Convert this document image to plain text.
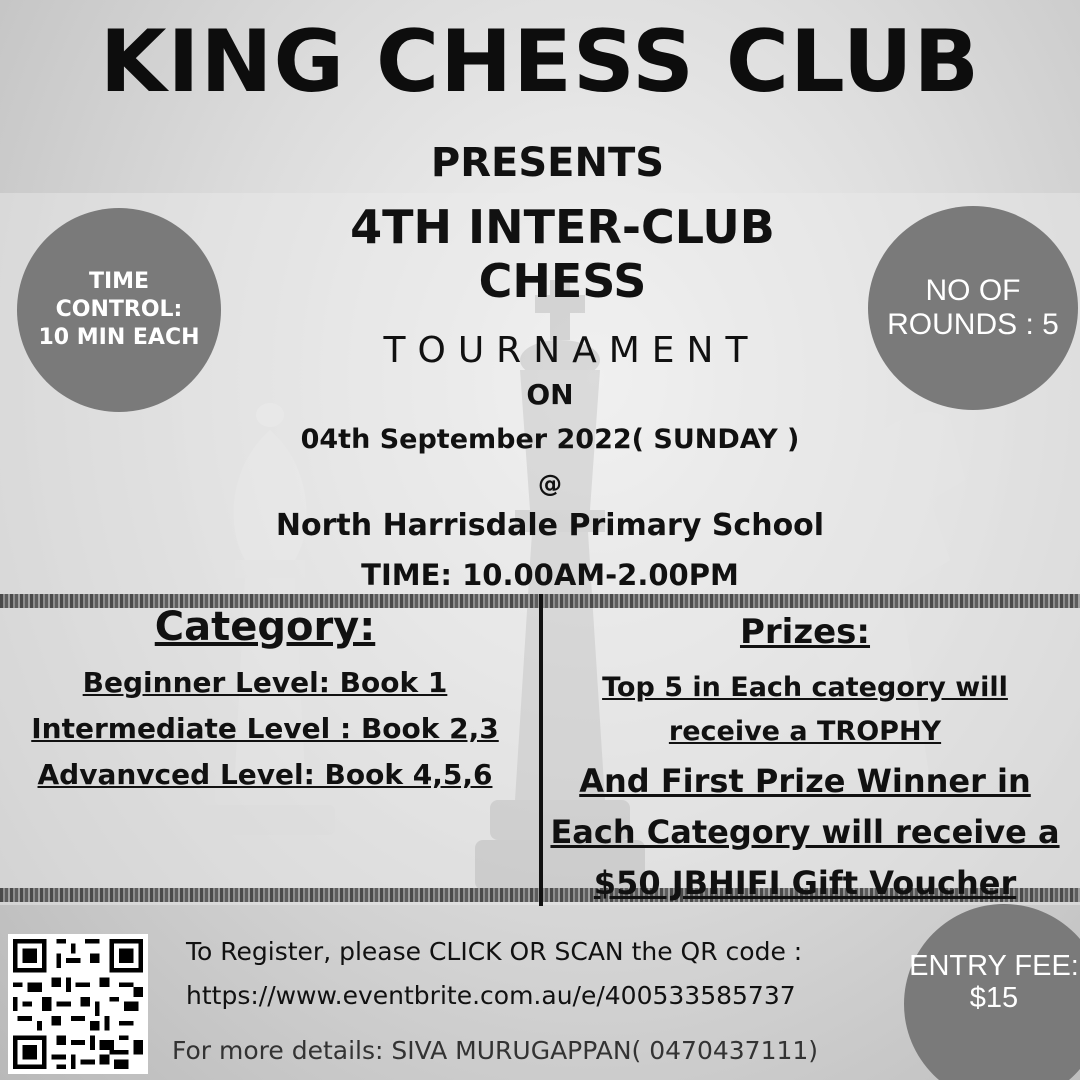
KING CHESS CLUB
PRESENTS
4TH INTER-CLUB
CHESS
TOURNAMENT
ON
04th September 2022( SUNDAY )
@
North Harrisdale Primary School
TIME: 10.00AM-2.00PM
TIME
CONTROL:
10 MIN EACH
NO OF
ROUNDS : 5
Category:
Beginner Level: Book 1
Intermediate Level : Book 2,3
Advanvced Level: Book 4,5,6
Prizes:
Top 5 in Each category will
receive a TROPHY
And First Prize Winner in
Each Category will receive a
$50 JBHIFI Gift Voucher
To Register, please CLICK OR SCAN the QR code :
https://www.eventbrite.com.au/e/400533585737
For more details: SIVA MURUGAPPAN( 0470437111)
ENTRY FEE:
$15
